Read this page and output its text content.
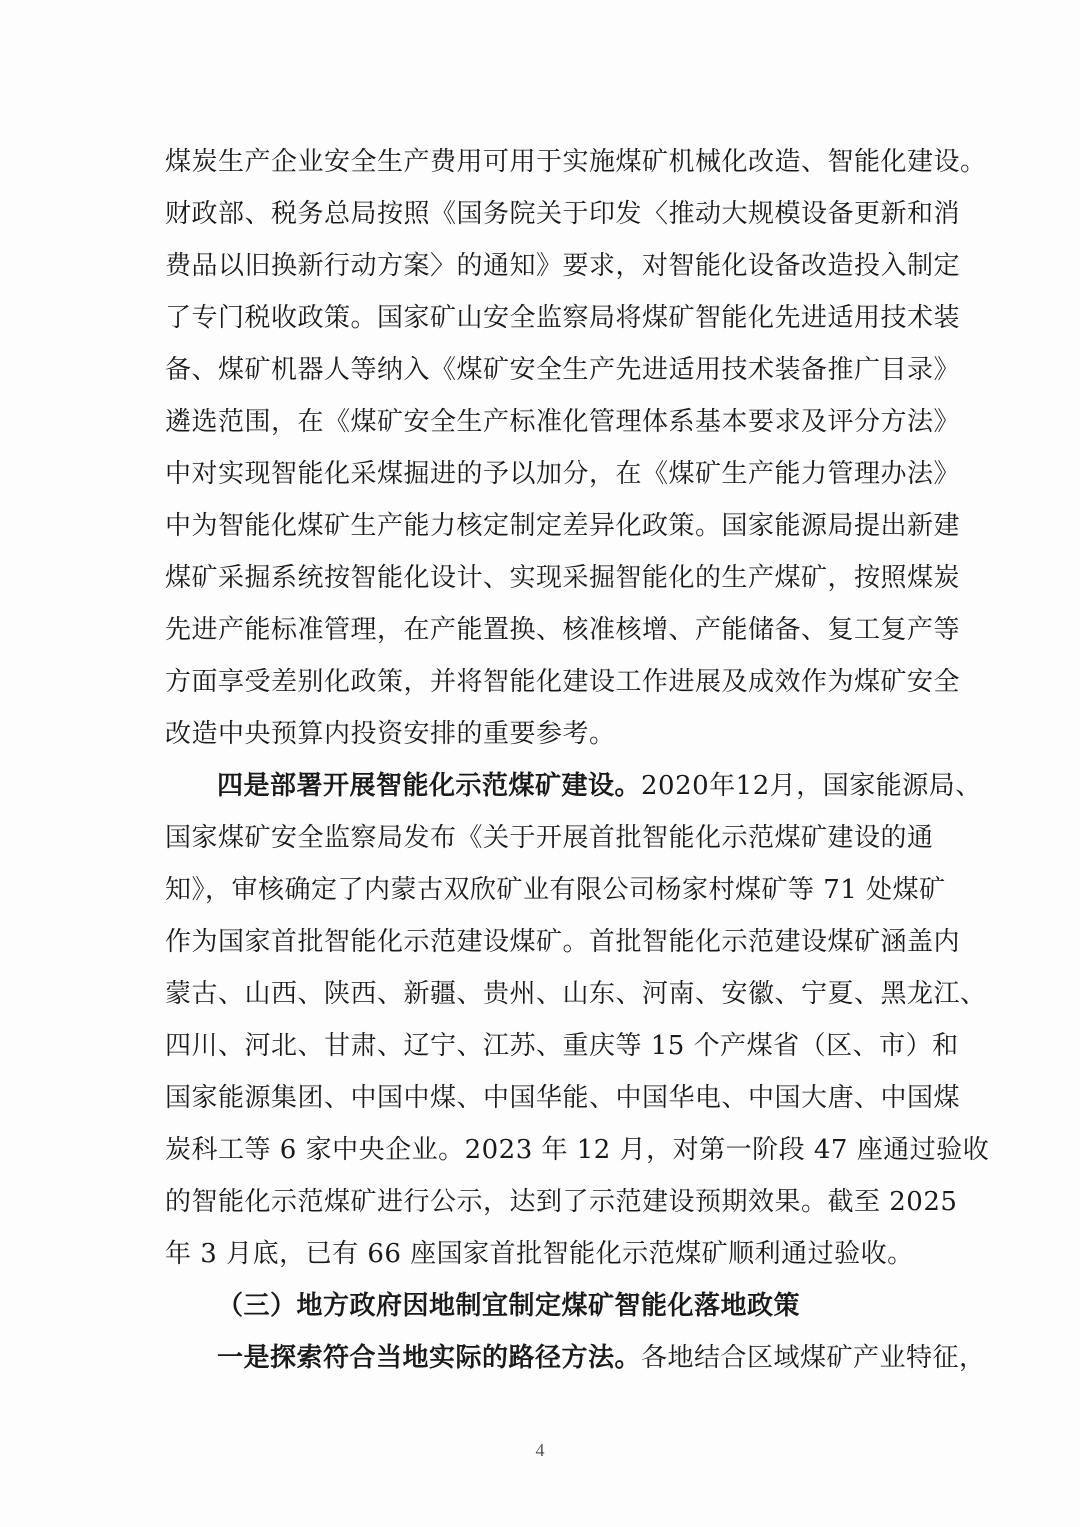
煤炭生产企业安全生产费用可用于实施煤矿机械化改造、智能化建设。
财政部、税务总局按照《国务院关于印发〈推动大规模设备更新和消
费品以旧换新行动方案〉的通知》要求，对智能化设备改造投入制定
了专门税收政策。国家矿山安全监察局将煤矿智能化先进适用技术装
备、煤矿机器人等纳入《煤矿安全生产先进适用技术装备推广目录》
遴选范围，在《煤矿安全生产标准化管理体系基本要求及评分方法》
中对实现智能化采煤掘进的予以加分，在《煤矿生产能力管理办法》
中为智能化煤矿生产能力核定制定差异化政策。国家能源局提出新建
煤矿采掘系统按智能化设计、实现采掘智能化的生产煤矿，按照煤炭
先进产能标准管理，在产能置换、核准核增、产能储备、复工复产等
方面享受差别化政策，并将智能化建设工作进展及成效作为煤矿安全
改造中央预算内投资安排的重要参考。
四是部署开展智能化示范煤矿建设。2020年12月，国家能源局、
国家煤矿安全监察局发布《关于开展首批智能化示范煤矿建设的通
知》，审核确定了内蒙古双欣矿业有限公司杨家村煤矿等 71 处煤矿
作为国家首批智能化示范建设煤矿。首批智能化示范建设煤矿涵盖内
蒙古、山西、陕西、新疆、贵州、山东、河南、安徽、宁夏、黑龙江、
四川、河北、甘肃、辽宁、江苏、重庆等 15 个产煤省（区、市）和
国家能源集团、中国中煤、中国华能、中国华电、中国大唐、中国煤
炭科工等 6 家中央企业。2023 年 12 月，对第一阶段 47 座通过验收
的智能化示范煤矿进行公示，达到了示范建设预期效果。截至 2025
年 3 月底，已有 66 座国家首批智能化示范煤矿顺利通过验收。
（三）地方政府因地制宜制定煤矿智能化落地政策
一是探索符合当地实际的路径方法。各地结合区域煤矿产业特征，
4
